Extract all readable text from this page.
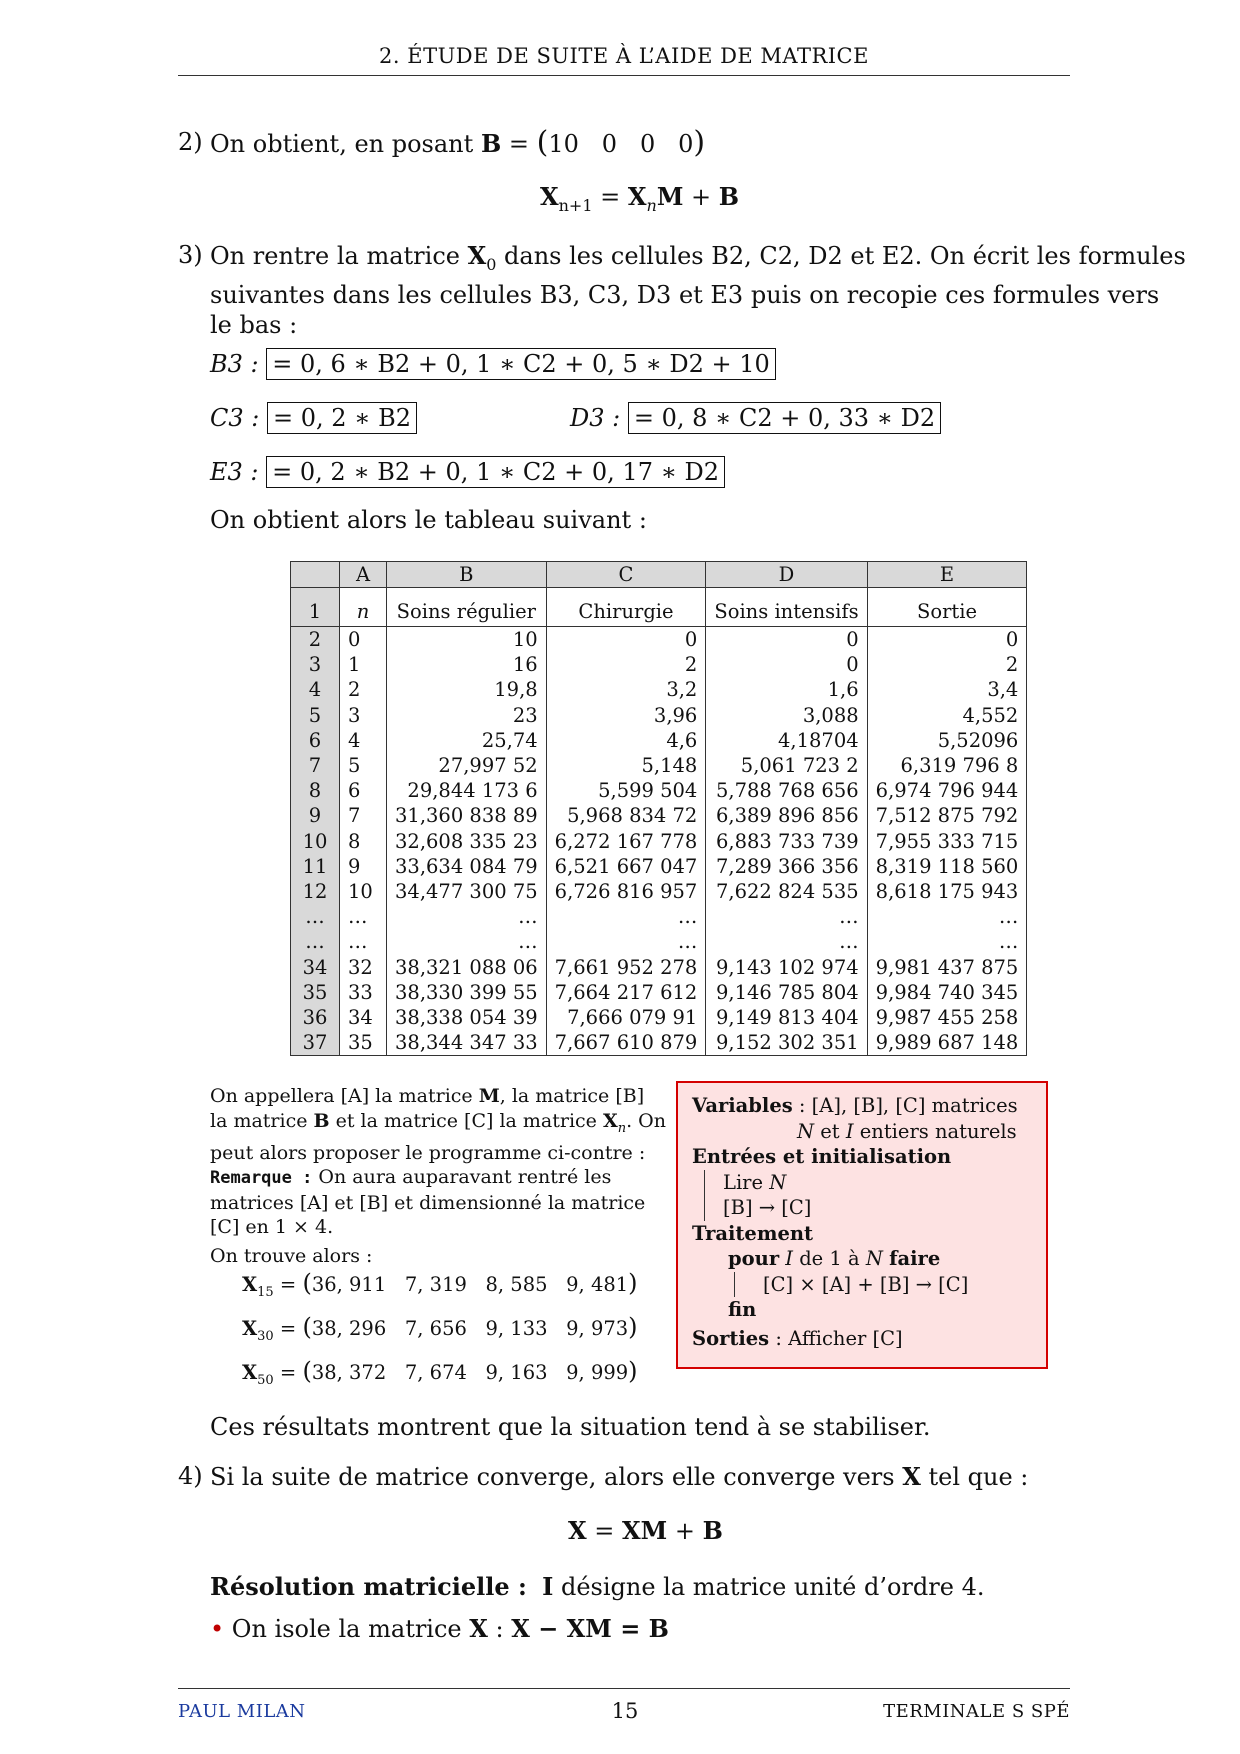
2. ÉTUDE DE SUITE À L’AIDE DE MATRICE
2) On obtient, en posant B = (10 0 0 0)
$X_{n+1} = X_nM + B$
3) On rentre la matrice $X_0$ dans les cellules B2, C2, D2 et E2. On écrit les formules
suivantes dans les cellules B3, C3, D3 et E3 puis on recopie ces formules vers
le bas :
B3 : = 0, 6 ∗ B2 + 0, 1 ∗ C2 + 0, 5 ∗ D2 + 10
C3 : = 0, 2 ∗ B2	D3 : = 0, 8 ∗ C2 + 0, 33 ∗ D2
E3 : = 0, 2 ∗ B2 + 0, 1 ∗ C2 + 0, 17 ∗ D2
On obtient alors le tableau suivant :
	A	B	C	D	E
1	n	Soins régulier	Chirurgie	Soins intensifs	Sortie
2	0	10	0	0	0
3	1	16	2	0	2
4	2	19,8	3,2	1,6	3,4
5	3	23	3,96	3,088	4,552
6	4	25,74	4,6	4,18704	5,52096
7	5	27,997 52	5,148	5,061 723 2	6,319 796 8
8	6	29,844 173 6	5,599 504	5,788 768 656	6,974 796 944
9	7	31,360 838 89	5,968 834 72	6,389 896 856	7,512 875 792
10	8	32,608 335 23	6,272 167 778	6,883 733 739	7,955 333 715
11	9	33,634 084 79	6,521 667 047	7,289 366 356	8,319 118 560
12	10	34,477 300 75	6,726 816 957	7,622 824 535	8,618 175 943
…	…	…	…	…	…
…	…	…	…	…	…
34	32	38,321 088 06	7,661 952 278	9,143 102 974	9,981 437 875
35	33	38,330 399 55	7,664 217 612	9,146 785 804	9,984 740 345
36	34	38,338 054 39	7,666 079 91	9,149 813 404	9,987 455 258
37	35	38,344 347 33	7,667 610 879	9,152 302 351	9,989 687 148
On appellera [A] la matrice M, la matrice [B]
la matrice B et la matrice [C] la matrice $X_n$. On
peut alors proposer le programme ci-contre :
Remarque : On aura auparavant rentré les
matrices [A] et [B] et dimensionné la matrice
[C] en 1 × 4.
On trouve alors :
$X_{15} = (36$, 911 7, 319 8, 585 9, 481)
$X_{30} = (38$, 296 7, 656 9, 133 9, 973)
$X_{50} = (38$, 372 7, 674 9, 163 9, 999)
Variables : [A], [B], [C] matrices
N et I entiers naturels
Entrées et initialisation
Lire N
[B] → [C]
Traitement
pour I de 1 à N faire
[C] × [A] + [B] → [C]
fin
Sorties : Afficher [C]
Ces résultats montrent que la situation tend à se stabiliser.
4) Si la suite de matrice converge, alors elle converge vers X tel que :
X = XM + B
Résolution matricielle : I désigne la matrice unité d’ordre 4.
• On isole la matrice X : X − XM = B
PAUL MILAN	15	TERMINALE S SPÉ
